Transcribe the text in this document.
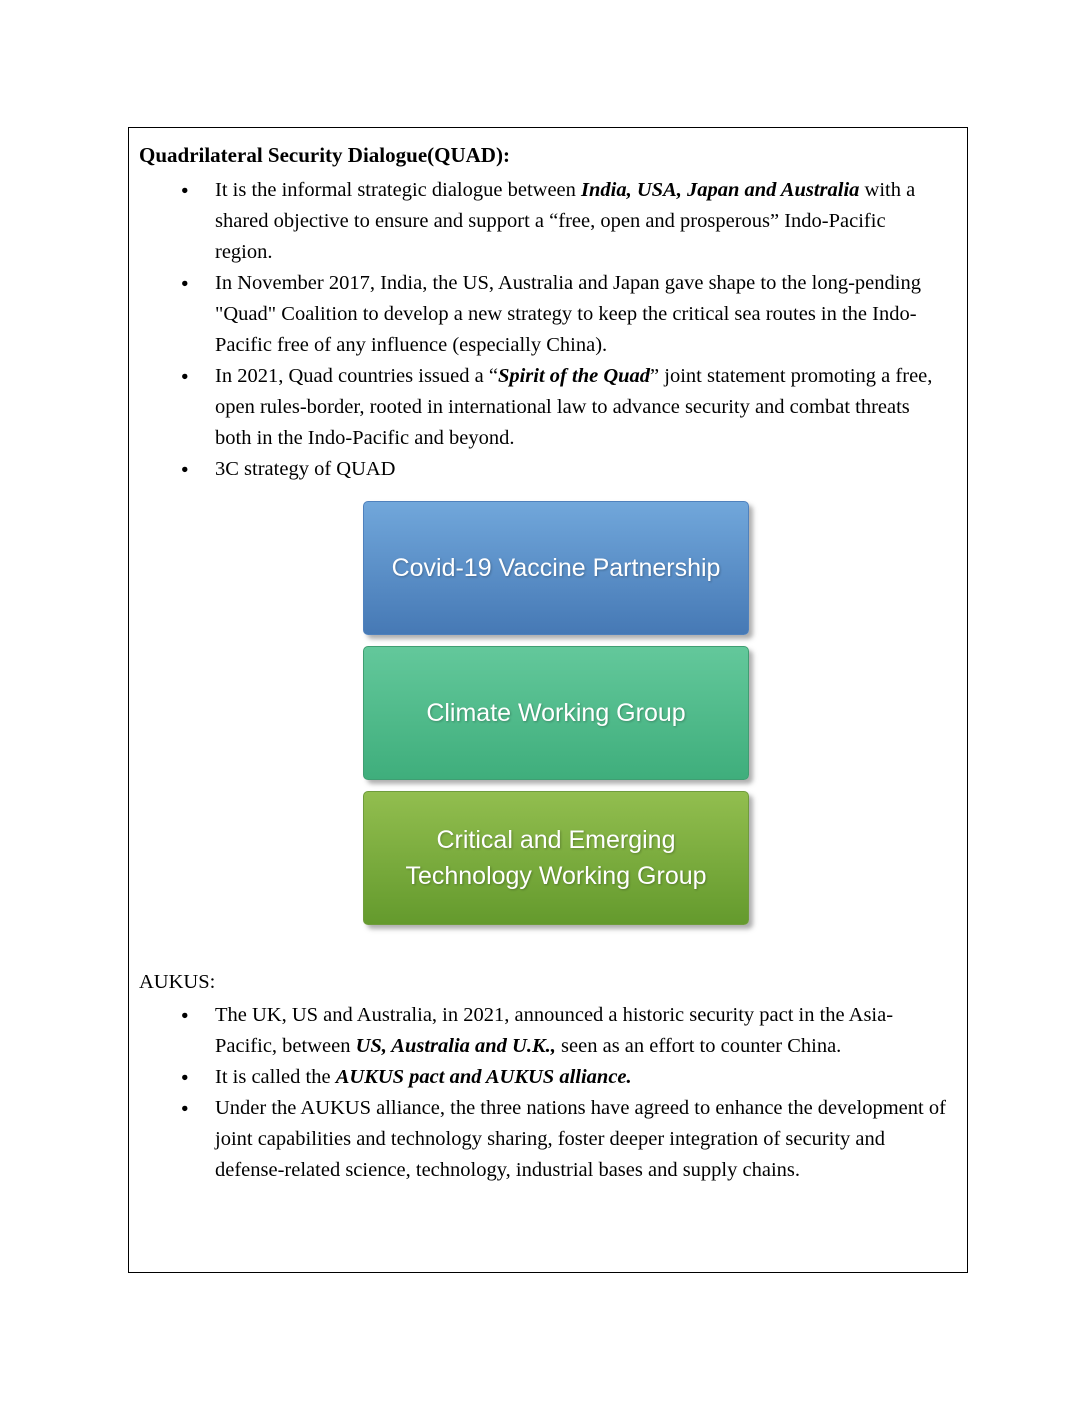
Quadrilateral Security Dialogue(QUAD):
● It is the informal strategic dialogue between India, USA, Japan and Australia with a shared objective to ensure and support a “free, open and prosperous” Indo-Pacific region.
● In November 2017, India, the US, Australia and Japan gave shape to the long-pending "Quad" Coalition to develop a new strategy to keep the critical sea routes in the Indo-Pacific free of any influence (especially China).
● In 2021, Quad countries issued a “Spirit of the Quad” joint statement promoting a free, open rules-border, rooted in international law to advance security and combat threats both in the Indo-Pacific and beyond.
● 3C strategy of QUAD
Covid-19 Vaccine Partnership
Climate Working Group
Critical and Emerging Technology Working Group

AUKUS:

● The UK, US and Australia, in 2021, announced a historic security pact in the Asia-Pacific, between US, Australia and U.K., seen as an effort to counter China.
● It is called the AUKUS pact and AUKUS alliance.
● Under the AUKUS alliance, the three nations have agreed to enhance the development of joint capabilities and technology sharing, foster deeper integration of security and defense-related science, technology, industrial bases and supply chains.
